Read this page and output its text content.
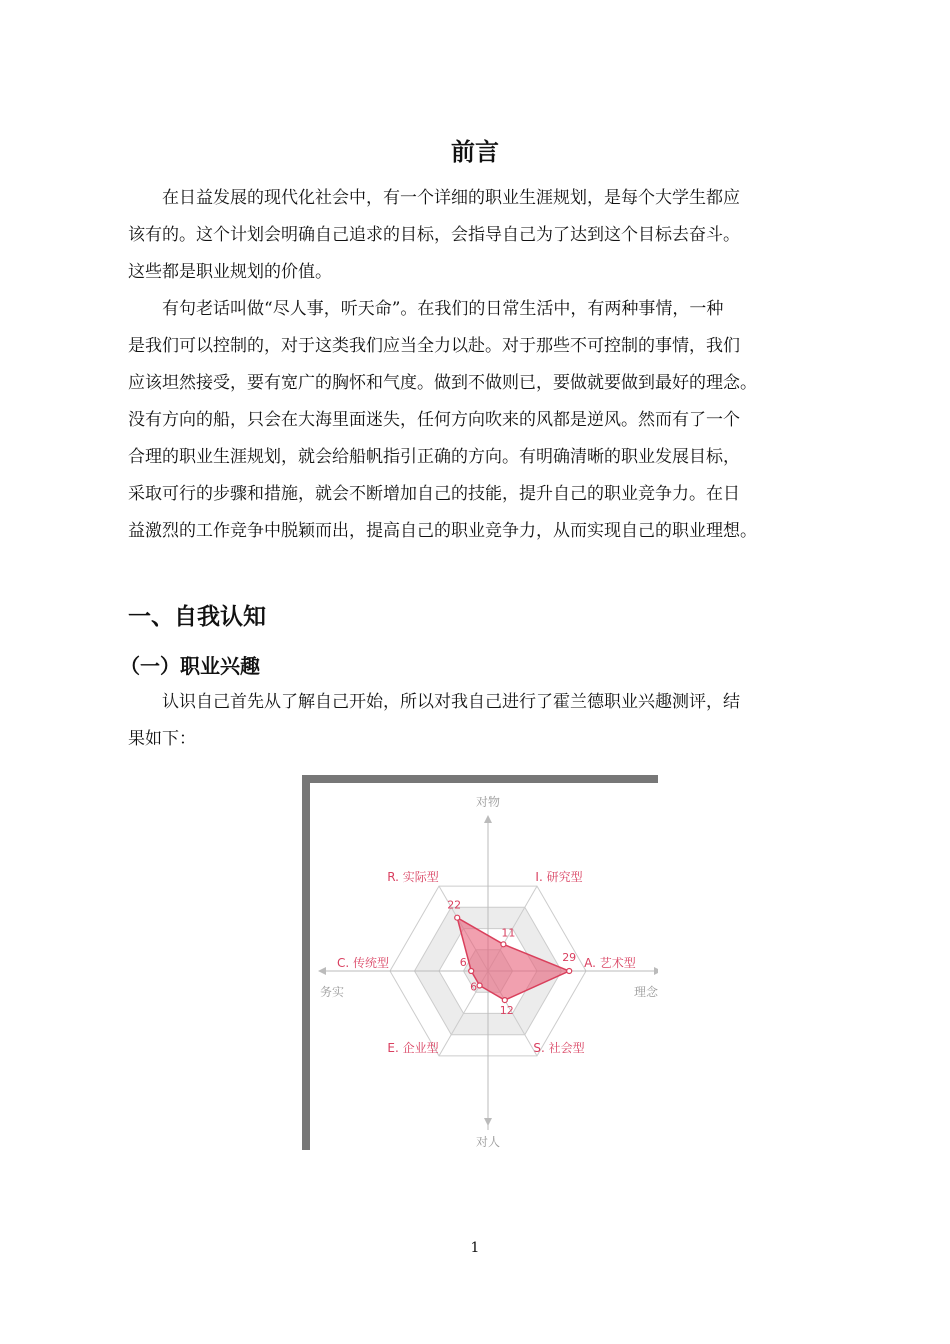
前言

在日益发展的现代化社会中，有一个详细的职业生涯规划，是每个大学生都应
该有的。这个计划会明确自己追求的目标，会指导自己为了达到这个目标去奋斗。
这些都是职业规划的价值。

有句老话叫做“尽人事，听天命”。在我们的日常生活中，有两种事情，一种
是我们可以控制的，对于这类我们应当全力以赴。对于那些不可控制的事情，我们
应该坦然接受，要有宽广的胸怀和气度。做到不做则已，要做就要做到最好的理念。
没有方向的船，只会在大海里面迷失，任何方向吹来的风都是逆风。然而有了一个
合理的职业生涯规划，就会给船帆指引正确的方向。有明确清晰的职业发展目标，
采取可行的步骤和措施，就会不断增加自己的技能，提升自己的职业竞争力。在日
益激烈的工作竞争中脱颖而出，提高自己的职业竞争力，从而实现自己的职业理想。

一、自我认知
（一）职业兴趣

认识自己首先从了解自己开始，所以对我自己进行了霍兰德职业兴趣测评，结
果如下：

对物
对人
务实	理念
I. 研究型
A. 艺术型
S. 社会型
E. 企业型
C. 传统型
R. 实际型
11
29
12
6
6
22
1
